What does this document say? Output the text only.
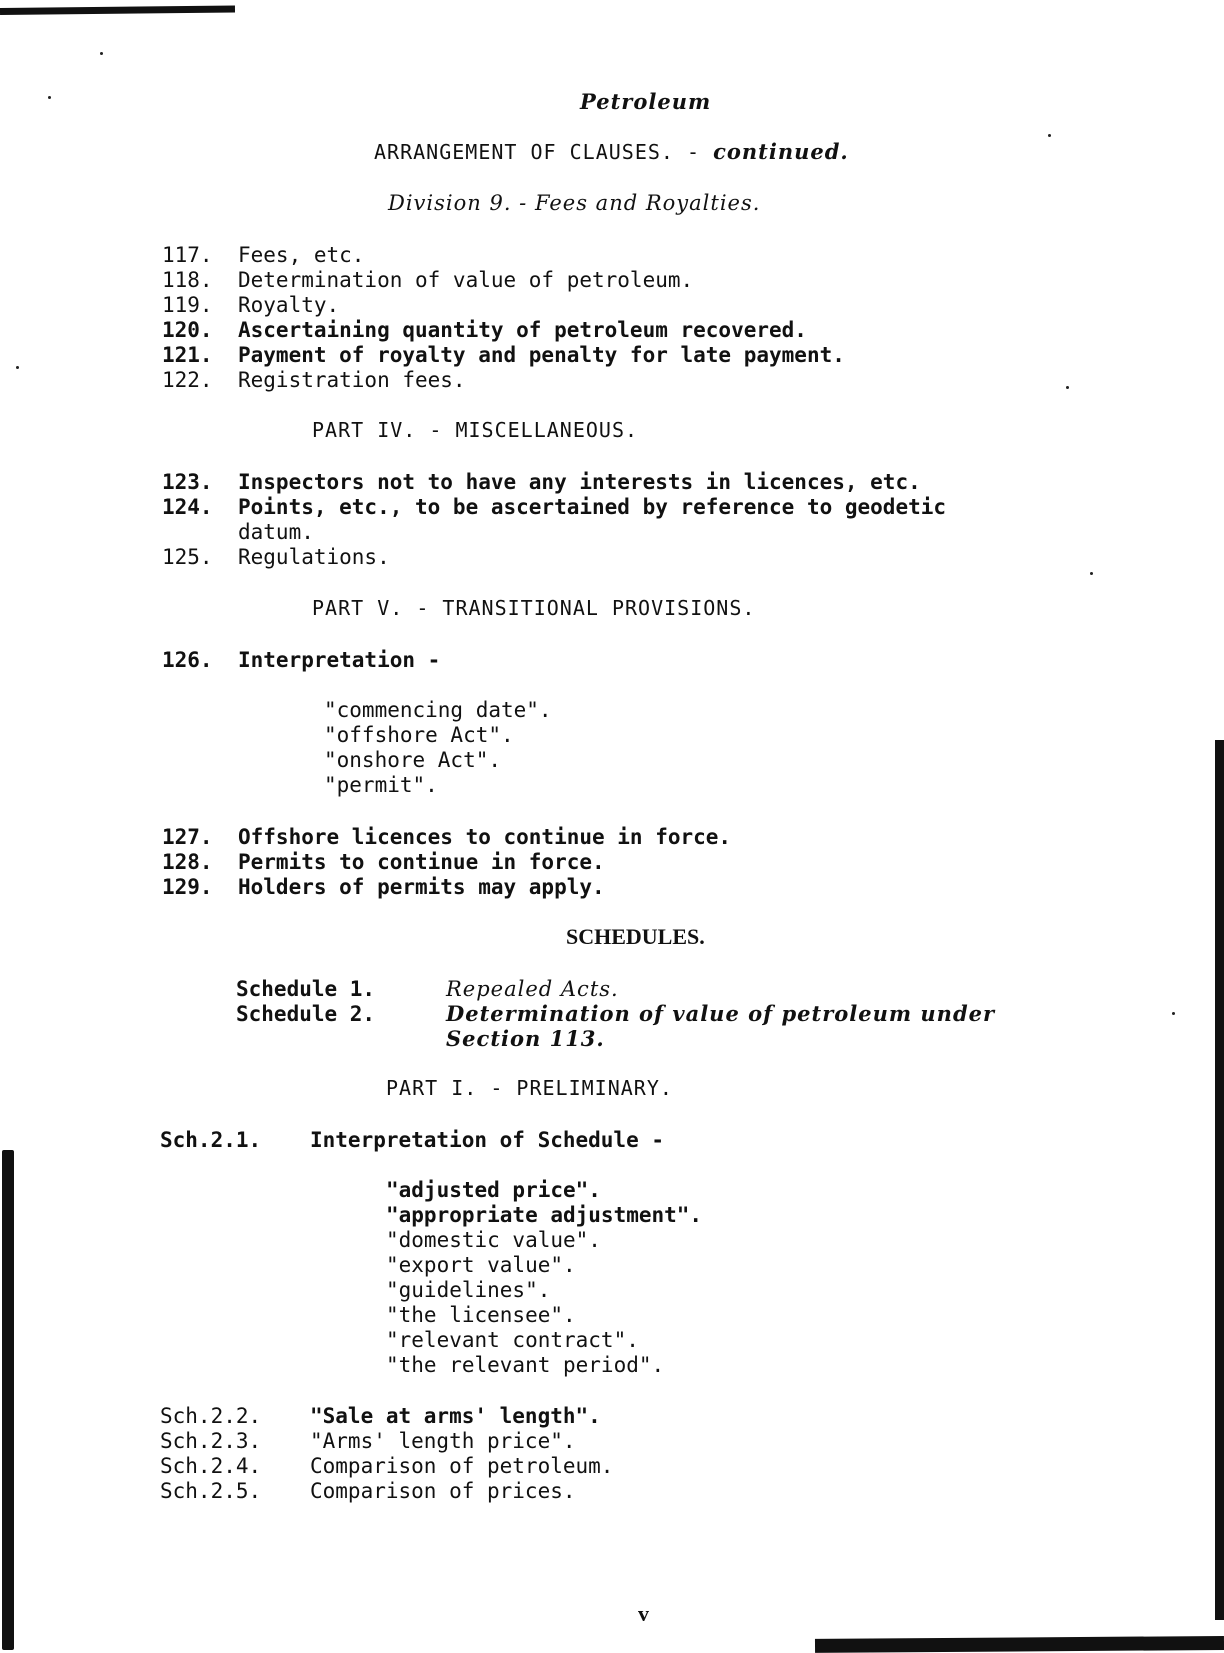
Petroleum
ARRANGEMENT OF CLAUSES. - continued.
Division 9. - Fees and Royalties.
117. Fees, etc.
118. Determination of value of petroleum.
119. Royalty.
120. Ascertaining quantity of petroleum recovered.
121. Payment of royalty and penalty for late payment.
122. Registration fees.
PART IV. - MISCELLANEOUS.
123. Inspectors not to have any interests in licences, etc.
124. Points, etc., to be ascertained by reference to geodetic
datum.
125. Regulations.
PART V. - TRANSITIONAL PROVISIONS.
126. Interpretation -
"commencing date".
"offshore Act".
"onshore Act".
"permit".
127. Offshore licences to continue in force.
128. Permits to continue in force.
129. Holders of permits may apply.
SCHEDULES.
Schedule 1.	Repealed Acts.
Schedule 2.	Determination of value of petroleum under
Section 113.
PART I. - PRELIMINARY.
Sch.2.1. Interpretation of Schedule -
"adjusted price".
"appropriate adjustment".
"domestic value".
"export value".
"guidelines".
"the licensee".
"relevant contract".
"the relevant period".
Sch.2.2. "Sale at arms' length".
Sch.2.3. "Arms' length price".
Sch.2.4. Comparison of petroleum.
Sch.2.5. Comparison of prices.
v
